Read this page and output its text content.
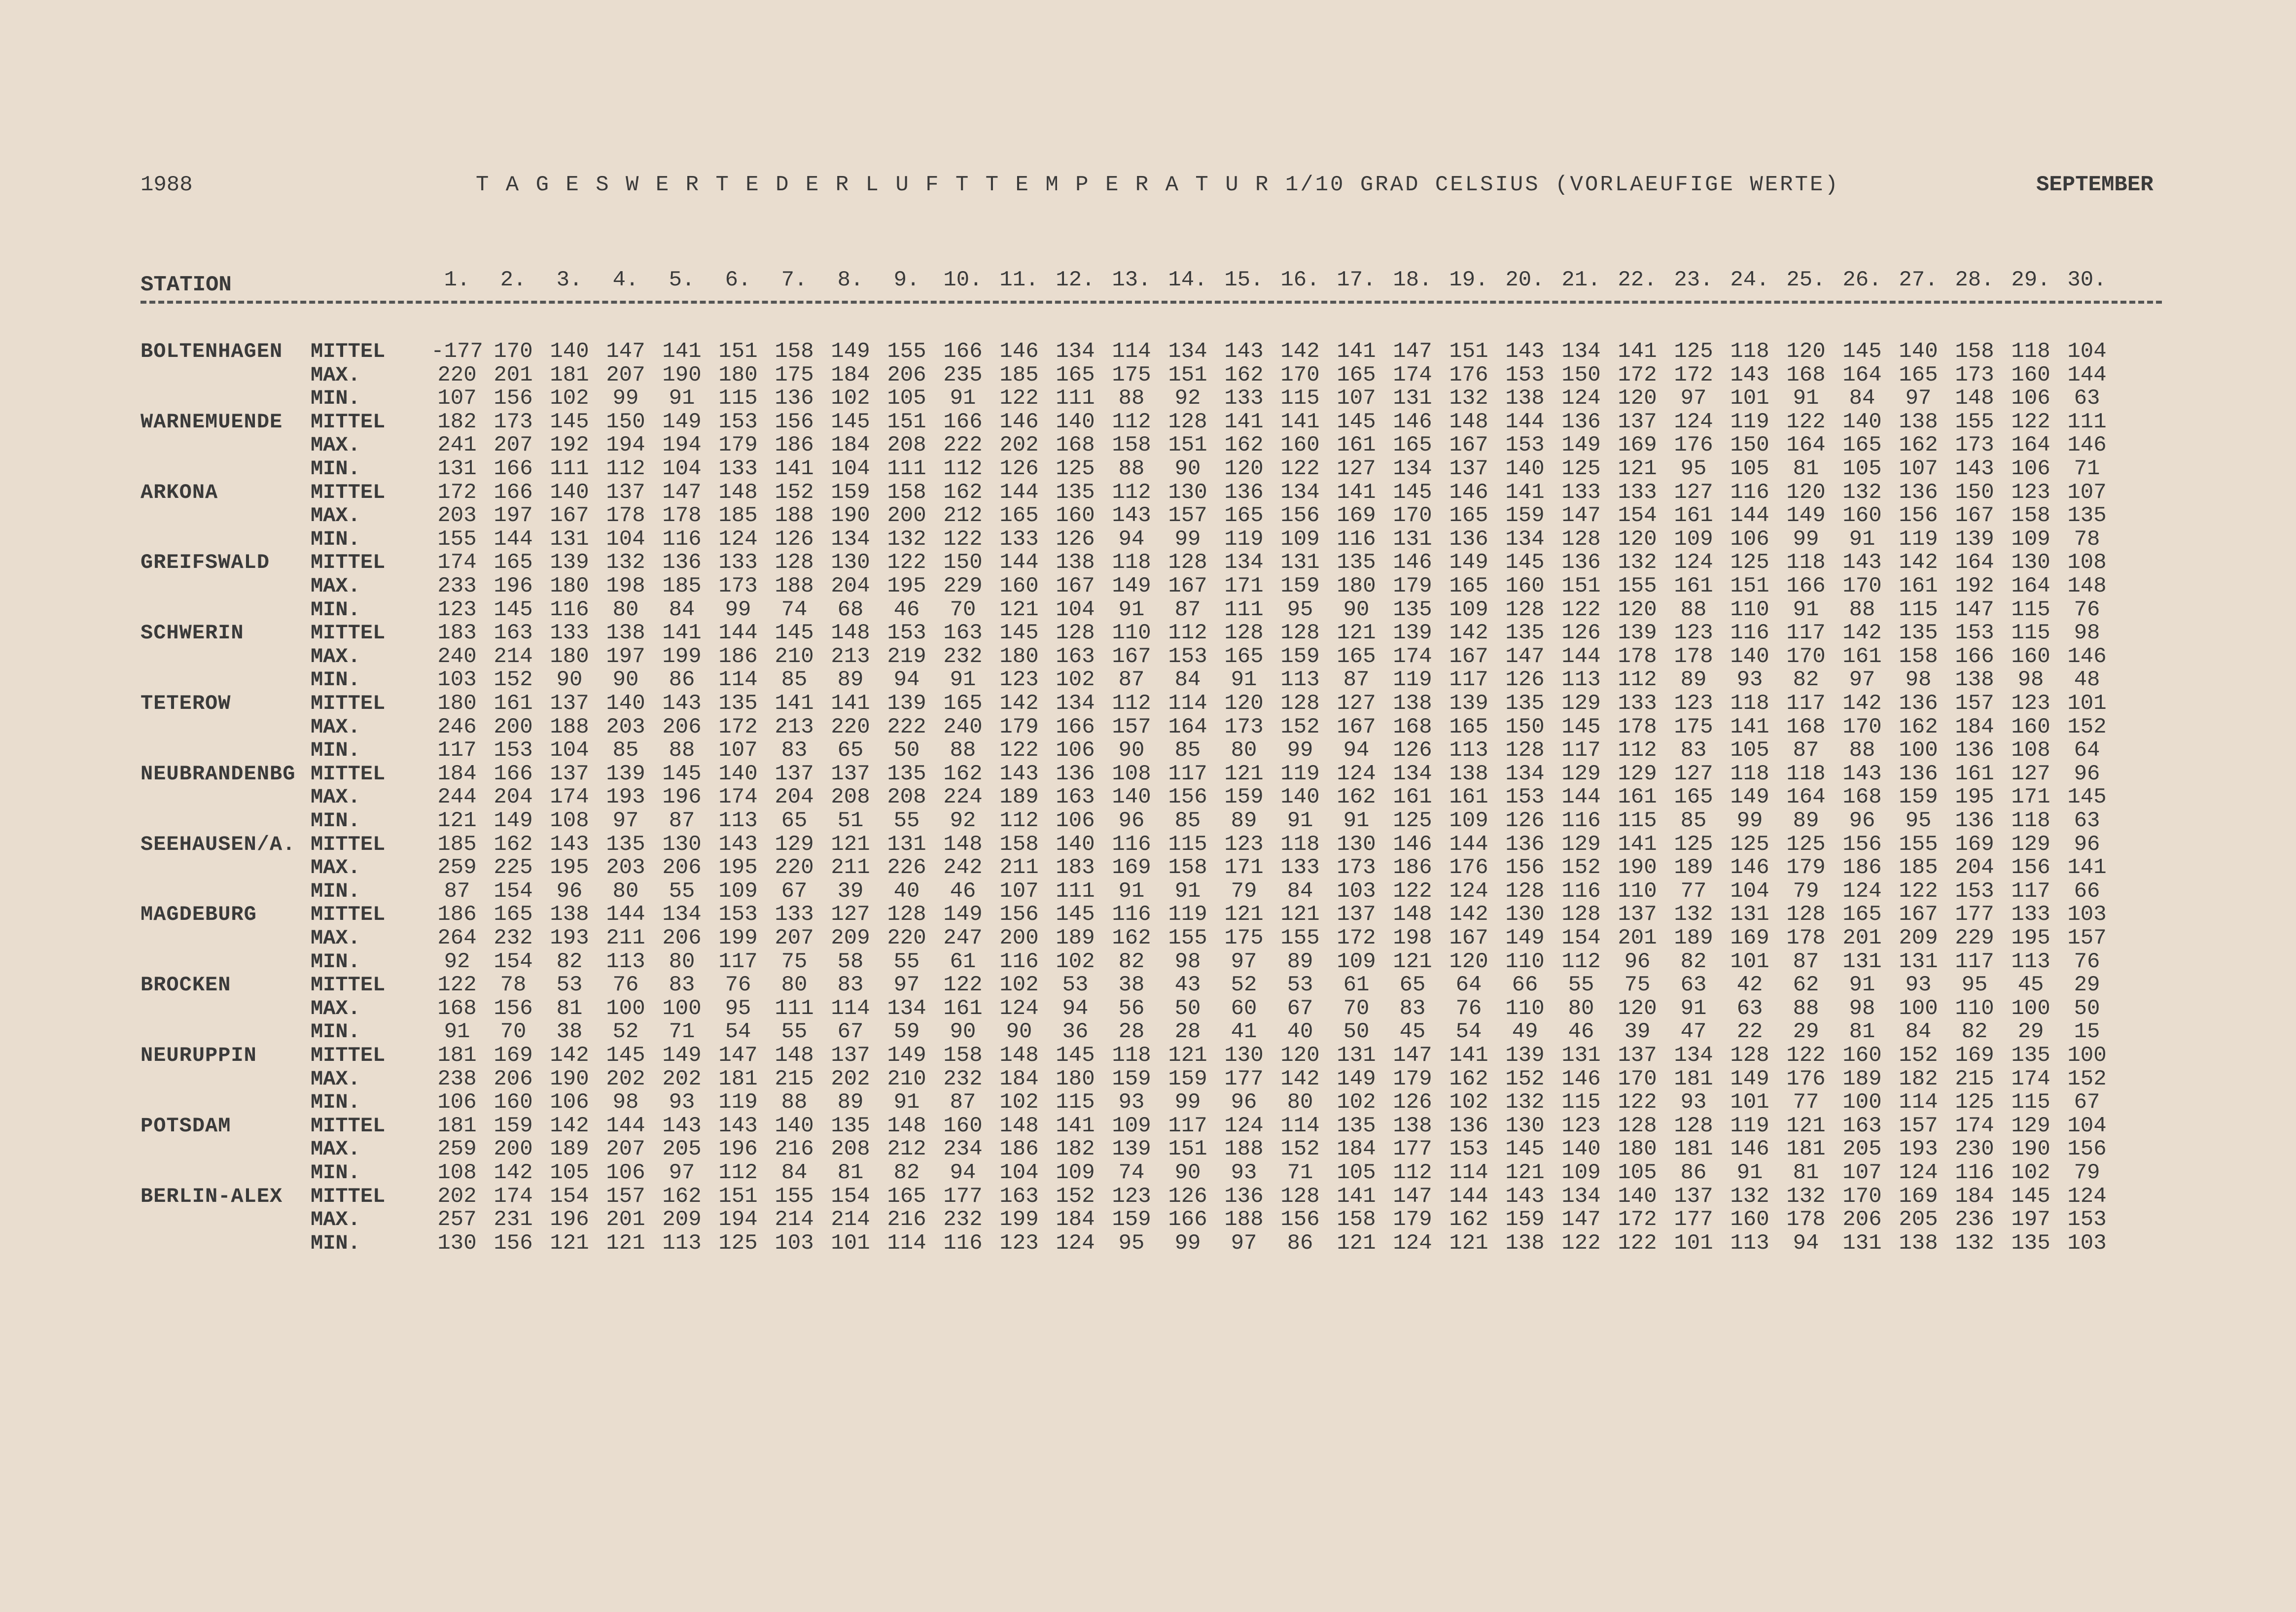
1988	T A G E S W E R T E D E R L U F T T E M P E R A T U R 1/10 GRAD CELSIUS (VORLAEUFIGE WERTE)	SEPTEMBER
STATION	1.	2.	3.	4.	5.	6.	7.	8.	9.	10. 11. 12. 13. 14. 15. 16. 17. 18. 19. 20. 21. 22. 23. 24. 25. 26. 27. 28. 29. 30.
BOLTENHAGEN MITTEL -177 170 140 147 141 151 158 149 155 166 146 134 114 134 143 142 141 147 151 143 134 141 125 118 120 145 140 158 118 104
MAX.	220 201 181 207 190 180 175 184 206 235 185 165 175 151 162 170 165 174 176 153 150 172 172 143 168 164 165 173 160 144
MIN.	107 156 102	99	91	115 136 102 105	91	122 111	88	92	133 115 107 131 132 138 124 120	97	101	91	84	97	148 106	63
WARNEMUENDE MITTEL	182 173 145 150 149 153 156 145 151 166 146 140 112 128 141 141 145 146 148 144 136 137 124 119 122 140 138 155 122 111
MAX.	241 207 192 194 194 179 186 184 208 222 202 168 158 151 162 160 161 165 167 153 149 169 176 150 164 165 162 173 164 146
MIN.	131 166 111 112 104 133 141 104 111 112 126 125	88	90	120 122 127 134 137 140 125 121	95	105	81	105 107 143 106	71
ARKONA	MITTEL	172 166 140 137 147 148 152 159 158 162 144 135 112 130 136 134 141 145 146 141 133 133 127 116 120 132 136 150 123 107
MAX.	203 197 167 178 178 185 188 190 200 212 165 160 143 157 165 156 169 170 165 159 147 154 161 144 149 160 156 167 158 135
MIN.	155 144 131 104 116 124 126 134 132 122 133 126	94	99	119 109 116 131 136 134 128 120 109 106	99	91	119 139 109	78
GREIFSWALD MITTEL	174 165 139 132 136 133 128 130 122 150 144 138 118 128 134 131 135 146 149 145 136 132 124 125 118 143 142 164 130 108
MAX.	233 196 180 198 185 173 188 204 195 229 160 167 149 167 171 159 180 179 165 160 151 155 161 151 166 170 161 192 164 148
MIN.	123 145 116	80	84	99	74	68	46	70	121 104	91	87	111	95	90	135 109 128 122 120	88	110	91	88	115 147 115	76
SCHWERIN	MITTEL	183 163 133 138 141 144 145 148 153 163 145 128 110 112 128 128 121 139 142 135 126 139 123 116 117 142 135 153 115	98
MAX.	240 214 180 197 199 186 210 213 219 232 180 163 167 153 165 159 165 174 167 147 144 178 178 140 170 161 158 166 160 146
MIN.	103 152	90	90	86	114	85	89	94	91	123 102	87	84	91	113	87	119 117 126 113 112	89	93	82	97	98	138	98	48
TETEROW	MITTEL	180 161 137 140 143 135 141 141 139 165 142 134 112 114 120 128 127 138 139 135 129 133 123 118 117 142 136 157 123 101
MAX.	246 200 188 203 206 172 213 220 222 240 179 166 157 164 173 152 167 168 165 150 145 178 175 141 168 170 162 184 160 152
MIN.	117 153 104	85	88	107	83	65	50	88	122 106	90	85	80	99	94	126 113 128 117 112	83	105	87	88	100 136 108	64
NEUBRANDENBG MITTEL	184 166 137 139 145 140 137 137 135 162 143 136 108 117 121 119 124 134 138 134 129 129 127 118 118 143 136 161 127	96
MAX.	244 204 174 193 196 174 204 208 208 224 189 163 140 156 159 140 162 161 161 153 144 161 165 149 164 168 159 195 171 145
MIN.	121 149 108	97	87	113	65	51	55	92	112 106	96	85	89	91	91	125 109 126 116 115	85	99	89	96	95	136 118	63
SEEHAUSEN/A. MITTEL	185 162 143 135 130 143 129 121 131 148 158 140 116 115 123 118 130 146 144 136 129 141 125 125 125 156 155 169 129	96
MAX.	259 225 195 203 206 195 220 211 226 242 211 183 169 158 171 133 173 186 176 156 152 190 189 146 179 186 185 204 156 141
MIN.	87	154	96	80	55	109	67	39	40	46	107 111	91	91	79	84	103 122 124 128 116 110	77	104	79	124 122 153 117	66
MAGDEBURG	MITTEL	186 165 138 144 134 153 133 127 128 149 156 145 116 119 121 121 137 148 142 130 128 137 132 131 128 165 167 177 133 103
MAX.	264 232 193 211 206 199 207 209 220 247 200 189 162 155 175 155 172 198 167 149 154 201 189 169 178 201 209 229 195 157
MIN.	92	154	82	113	80	117	75	58	55	61	116 102	82	98	97	89	109 121 120 110 112	96	82	101	87	131 131 117 113	76
BROCKEN	MITTEL	122	78	53	76	83	76	80	83	97	122 102	53	38	43	52	53	61	65	64	66	55	75	63	42	62	91	93	95	45	29
MAX.	168 156	81	100 100	95	111 114 134 161 124	94	56	50	60	67	70	83	76	110	80	120	91	63	88	98	100 110 100	50
MIN.	91	70	38	52	71	54	55	67	59	90	90	36	28	28	41	40	50	45	54	49	46	39	47	22	29	81	84	82	29	15
NEURUPPIN	MITTEL	181 169 142 145 149 147 148 137 149 158 148 145 118 121 130 120 131 147 141 139 131 137 134 128 122 160 152 169 135 100
MAX.	238 206 190 202 202 181 215 202 210 232 184 180 159 159 177 142 149 179 162 152 146 170 181 149 176 189 182 215 174 152
MIN.	106 160 106	98	93	119	88	89	91	87	102 115	93	99	96	80	102 126 102 132 115 122	93	101	77	100 114 125 115	67
POTSDAM	MITTEL	181 159 142 144 143 143 140 135 148 160 148 141 109 117 124 114 135 138 136 130 123 128 128 119 121 163 157 174 129 104
MAX.	259 200 189 207 205 196 216 208 212 234 186 182 139 151 188 152 184 177 153 145 140 180 181 146 181 205 193 230 190 156
MIN.	108 142 105 106	97	112	84	81	82	94	104 109	74	90	93	71	105 112 114 121 109 105	86	91	81	107 124 116 102	79
BERLIN-ALEX MITTEL	202 174 154 157 162 151 155 154 165 177 163 152 123 126 136 128 141 147 144 143 134 140 137 132 132 170 169 184 145 124
MAX.	257 231 196 201 209 194 214 214 216 232 199 184 159 166 188 156 158 179 162 159 147 172 177 160 178 206 205 236 197 153
MIN.	130 156 121 121 113 125 103 101 114 116 123 124	95	99	97	86	121 124 121 138 122 122 101 113	94	131 138 132 135 103
